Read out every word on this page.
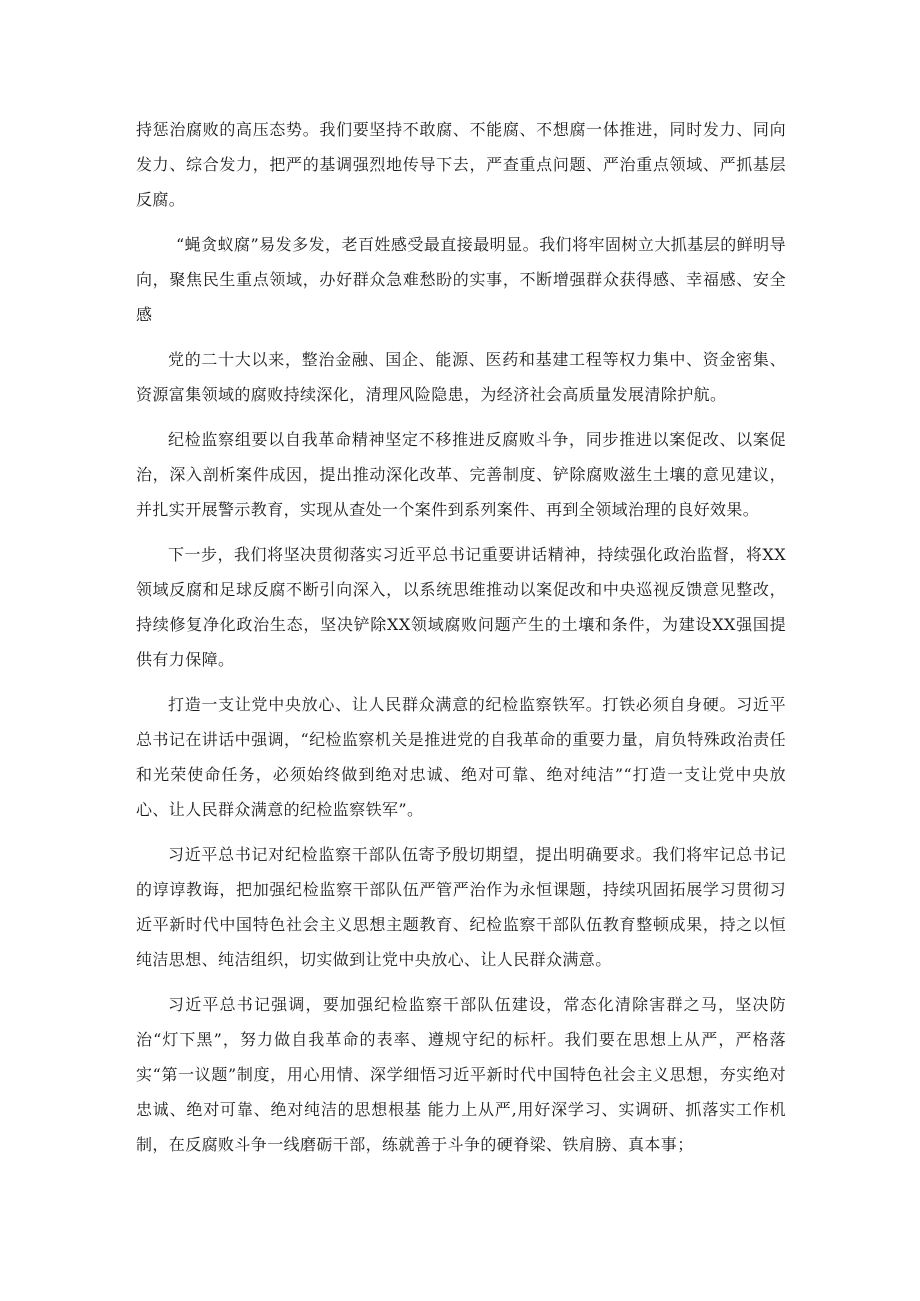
持惩治腐败的高压态势。我们要坚持不敢腐、不能腐、不想腐一体推进，同时发力、同向发力、综合发力，把严的基调强烈地传导下去，严查重点问题、严治重点领域、严抓基层反腐。

“蝇贪蚁腐”易发多发，老百姓感受最直接最明显。我们将牢固树立大抓基层的鲜明导向，聚焦民生重点领域，办好群众急难愁盼的实事，不断增强群众获得感、幸福感、安全感

党的二十大以来，整治金融、国企、能源、医药和基建工程等权力集中、资金密集、资源富集领域的腐败持续深化，清理风险隐患，为经济社会高质量发展清除护航。

纪检监察组要以自我革命精神坚定不移推进反腐败斗争，同步推进以案促改、以案促治，深入剖析案件成因，提出推动深化改革、完善制度、铲除腐败滋生土壤的意见建议，并扎实开展警示教育，实现从查处一个案件到系列案件、再到全领域治理的良好效果。

下一步，我们将坚决贯彻落实习近平总书记重要讲话精神，持续强化政治监督，将XX领域反腐和足球反腐不断引向深入，以系统思维推动以案促改和中央巡视反馈意见整改，持续修复净化政治生态，坚决铲除XX领域腐败问题产生的土壤和条件，为建设XX强国提供有力保障。

打造一支让党中央放心、让人民群众满意的纪检监察铁军。打铁必须自身硬。习近平总书记在讲话中强调，“纪检监察机关是推进党的自我革命的重要力量，肩负特殊政治责任和光荣使命任务，必须始终做到绝对忠诚、绝对可靠、绝对纯洁”“打造一支让党中央放心、让人民群众满意的纪检监察铁军”。

习近平总书记对纪检监察干部队伍寄予殷切期望，提出明确要求。我们将牢记总书记的谆谆教诲，把加强纪检监察干部队伍严管严治作为永恒课题，持续巩固拓展学习贯彻习近平新时代中国特色社会主义思想主题教育、纪检监察干部队伍教育整顿成果，持之以恒纯洁思想、纯洁组织，切实做到让党中央放心、让人民群众满意。

习近平总书记强调，要加强纪检监察干部队伍建设，常态化清除害群之马，坚决防治“灯下黑”，努力做自我革命的表率、遵规守纪的标杆。我们要在思想上从严，严格落实“第一议题”制度，用心用情、深学细悟习近平新时代中国特色社会主义思想，夯实绝对忠诚、绝对可靠、绝对纯洁的思想根基 能力上从严,用好深学习、实调研、抓落实工作机制，在反腐败斗争一线磨砺干部，练就善于斗争的硬脊梁、铁肩膀、真本事；
